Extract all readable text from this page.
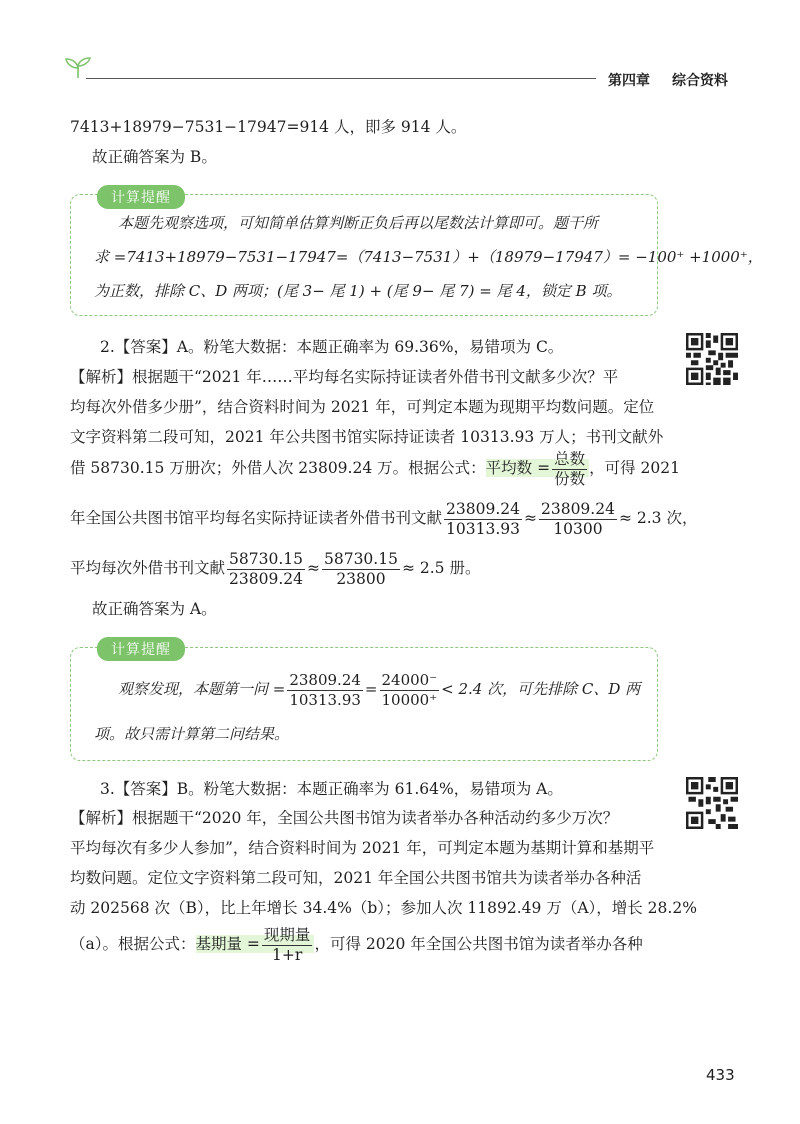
第四章 综合资料
7413+18979−7531−17947=914 人，即多 914 人。
故正确答案为 B。
计算提醒
本题先观察选项，可知简单估算判断正负后再以尾数法计算即可。题干所
求 =7413+18979−7531−17947=（7413−7531）+（18979−17947）= −100⁺ +1000⁺，
为正数，排除 C、D 两项；(尾 3− 尾 1) + (尾 9− 尾 7) = 尾 4，锁定 B 项。
2.【答案】A。粉笔大数据：本题正确率为 69.36%，易错项为 C。
【解析】根据题干“2021 年……平均每名实际持证读者外借书刊文献多少次？平
均每次外借多少册”，结合资料时间为 2021 年，可判定本题为现期平均数问题。定位
文字资料第二段可知，2021 年公共图书馆实际持证读者 10313.93 万人；书刊文献外
借 58730.15 万册次；外借人次 23809.24 万。根据公式：平均数 = $\frac{\text{总数}}{\text{份数}}$ ，可得 2021
年全国公共图书馆平均每名实际持证读者外借书刊文献 $\frac{23809.24}{10313.93} \approx \frac{23809.24}{10300} \approx 2.3$ 次，
平均每次外借书刊文献 $\frac{58730.15}{23809.24} \approx \frac{58730.15}{23800} \approx 2.5$ 册。
故正确答案为 A。
计算提醒
观察发现，本题第一问 = $\frac{23809.24}{10313.93} = \frac{24000^-}{10000^+} < 2.4$ 次，可先排除 C、D 两
项。故只需计算第二问结果。
3.【答案】B。粉笔大数据：本题正确率为 61.64%，易错项为 A。
【解析】根据题干“2020 年，全国公共图书馆为读者举办各种活动约多少万次？
平均每次有多少人参加”，结合资料时间为 2021 年，可判定本题为基期计算和基期平
均数问题。定位文字资料第二段可知，2021 年全国公共图书馆共为读者举办各种活
动 202568 次（B），比上年增长 34.4%（b）；参加人次 11892.49 万（A），增长 28.2%
（a）。根据公式：基期量 = $\frac{\text{现期量}}{1+r}$ ，可得 2020 年全国公共图书馆为读者举办各种
433
